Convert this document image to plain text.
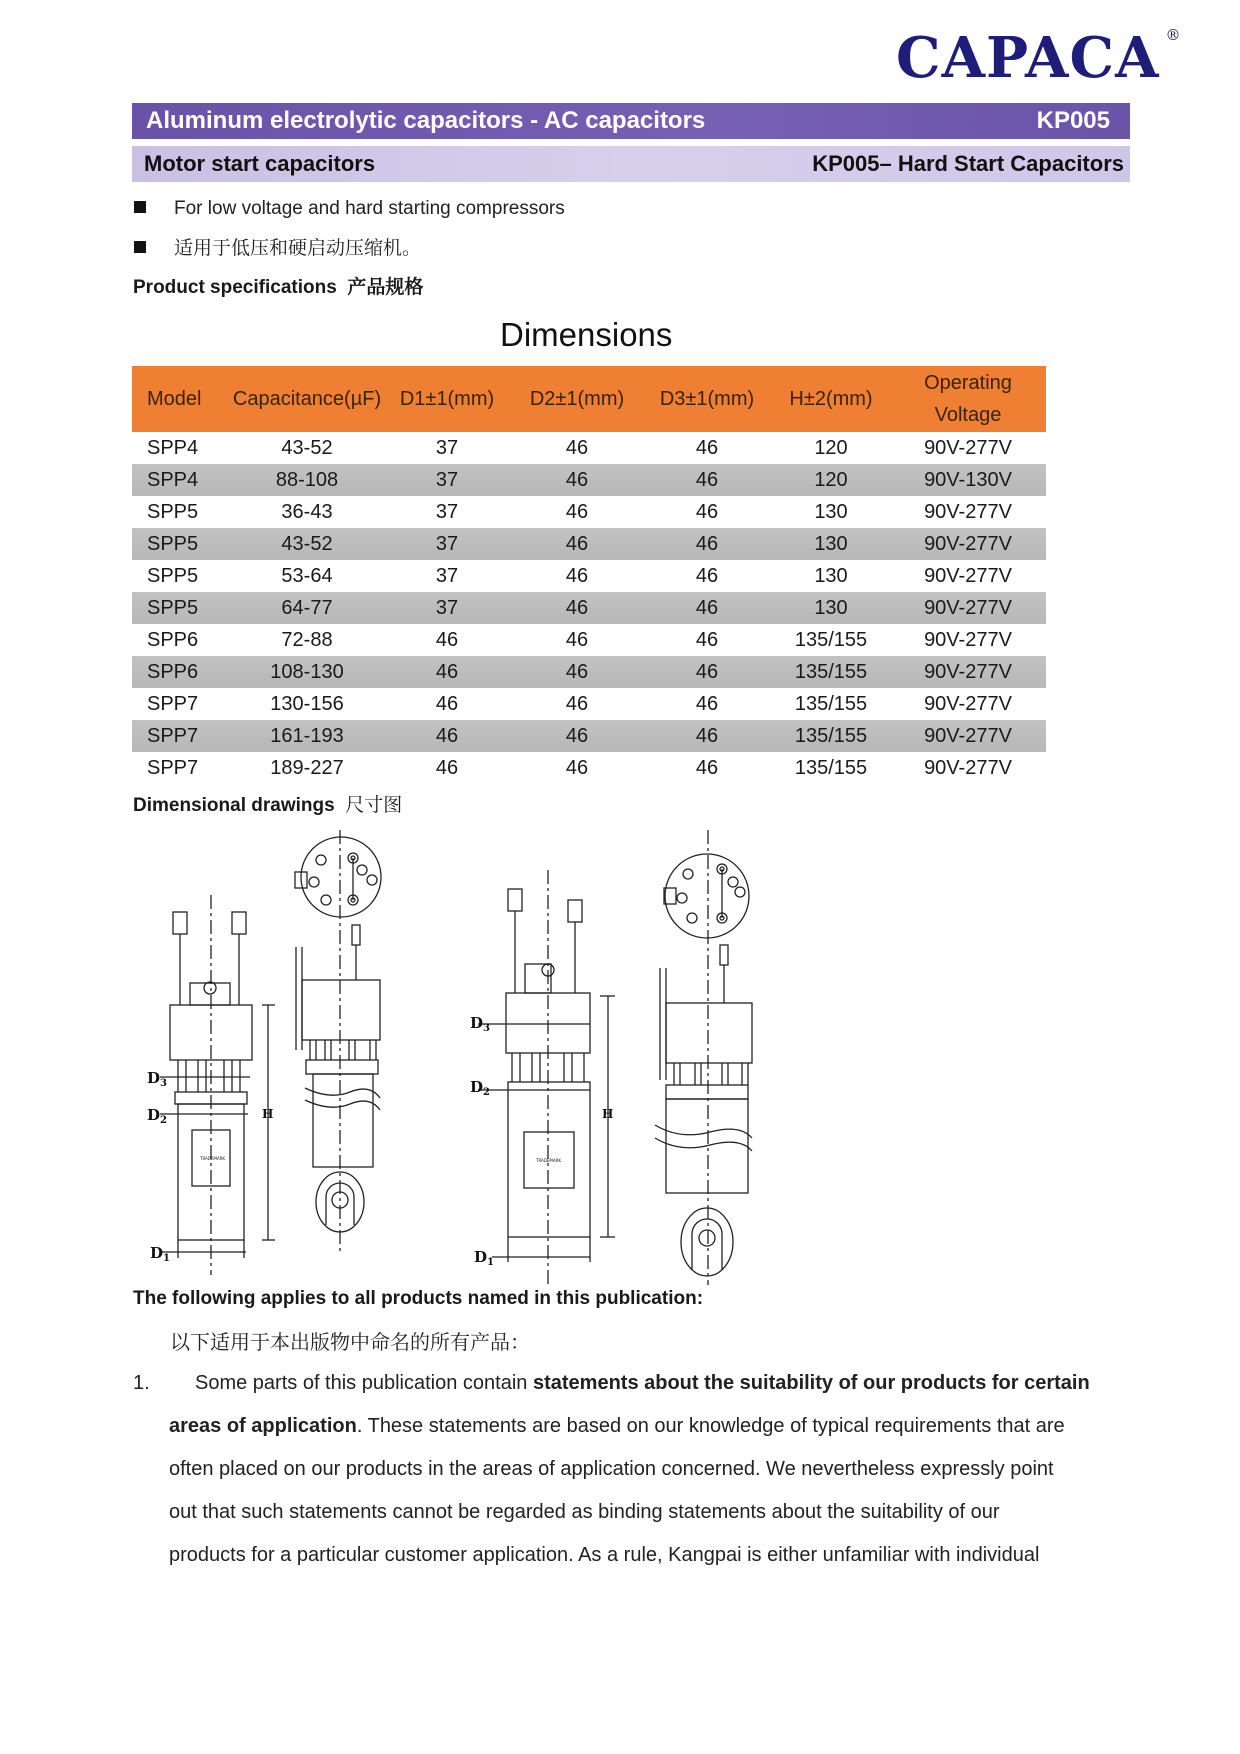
CAPACA ®
Aluminum electrolytic capacitors - AC capacitors	KP005
Motor start capacitors	KP005– Hard Start Capacitors
For low voltage and hard starting compressors
适用于低压和硬启动压缩机。
Product specifications 产品规格
Dimensions
Model	Capacitance(µF)	D1±1(mm)	D2±1(mm)	D3±1(mm)	H±2(mm)	Operating
Voltage

SPP4	43-52	37	46	46	120	90V-277V
SPP4	88-108	37	46	46	120	90V-130V
SPP5	36-43	37	46	46	130	90V-277V
SPP5	43-52	37	46	46	130	90V-277V
SPP5	53-64	37	46	46	130	90V-277V
SPP5	64-77	37	46	46	130	90V-277V
SPP6	72-88	46	46	46	135/155	90V-277V
SPP6	108-130	46	46	46	135/155	90V-277V
SPP7	130-156	46	46	46	135/155	90V-277V
SPP7	161-193	46	46	46	135/155	90V-277V
SPP7	189-227	46	46	46	135/155	90V-277V
Dimensional drawings 尺寸图
$D_3$
$D_2$
$D_1$
$D_3$
$D_2$
$D_1$
H	H
TRADEMARK	TRADEMARK
The following applies to all products named in this publication:
以下适用于本出版物中命名的所有产品：
1. Some parts of this publication contain statements about the suitability of our products for certain
areas of application. These statements are based on our knowledge of typical requirements that are
often placed on our products in the areas of application concerned. We nevertheless expressly point
out that such statements cannot be regarded as binding statements about the suitability of our
products for a particular customer application. As a rule, Kangpai is either unfamiliar with individual
